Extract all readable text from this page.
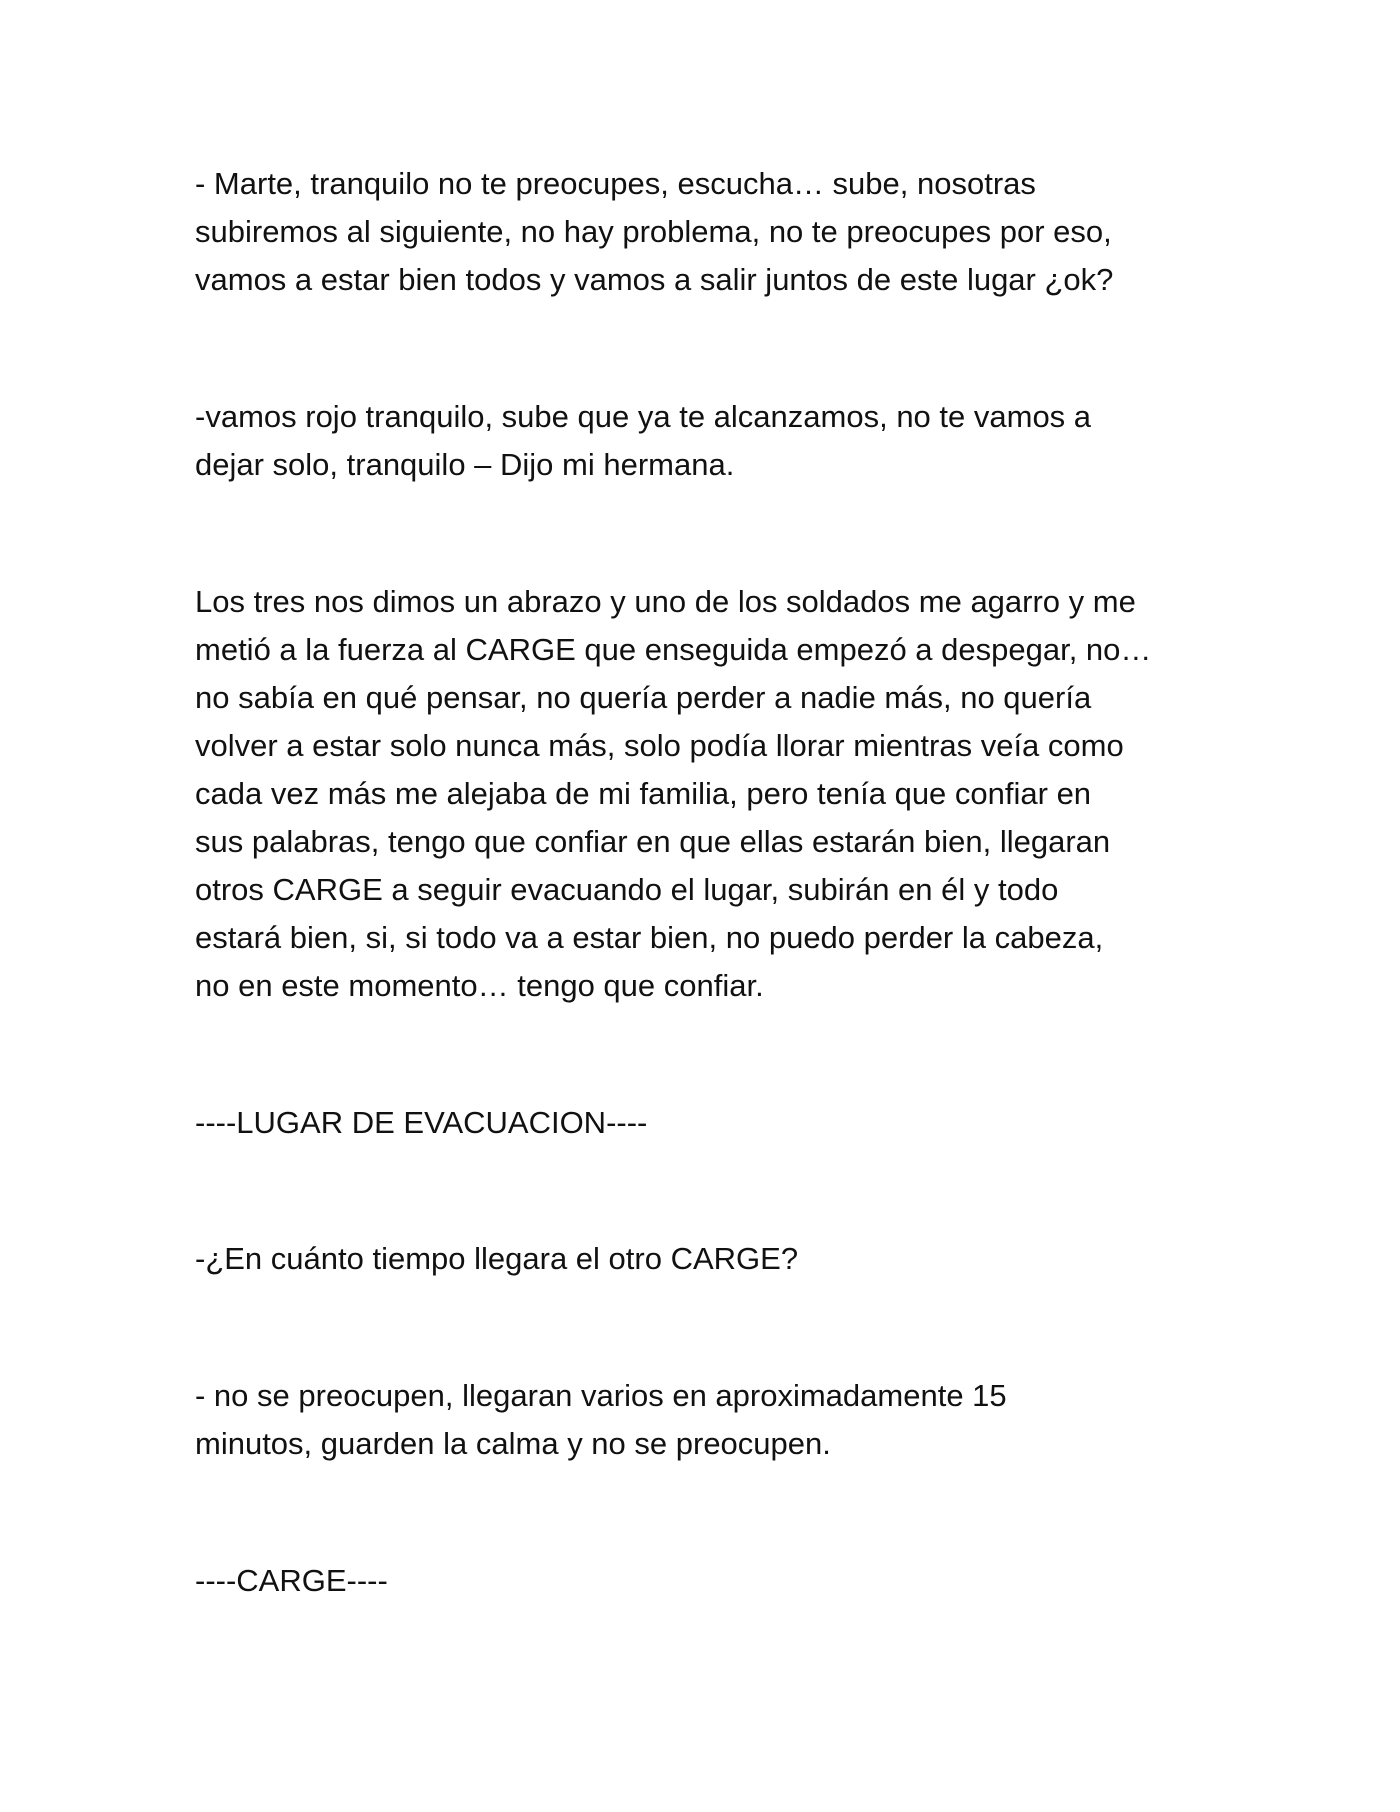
- Marte, tranquilo no te preocupes, escucha… sube, nosotras
subiremos al siguiente, no hay problema, no te preocupes por eso,
vamos a estar bien todos y vamos a salir juntos de este lugar ¿ok?

-vamos rojo tranquilo, sube que ya te alcanzamos, no te vamos a
dejar solo, tranquilo – Dijo mi hermana.

Los tres nos dimos un abrazo y uno de los soldados me agarro y me
metió a la fuerza al CARGE que enseguida empezó a despegar, no…
no sabía en qué pensar, no quería perder a nadie más, no quería
volver a estar solo nunca más, solo podía llorar mientras veía como
cada vez más me alejaba de mi familia, pero tenía que confiar en
sus palabras, tengo que confiar en que ellas estarán bien, llegaran
otros CARGE a seguir evacuando el lugar, subirán en él y todo
estará bien, si, si todo va a estar bien, no puedo perder la cabeza,
no en este momento… tengo que confiar.

----LUGAR DE EVACUACION----

-¿En cuánto tiempo llegara el otro CARGE?

- no se preocupen, llegaran varios en aproximadamente 15
minutos, guarden la calma y no se preocupen.

----CARGE----
